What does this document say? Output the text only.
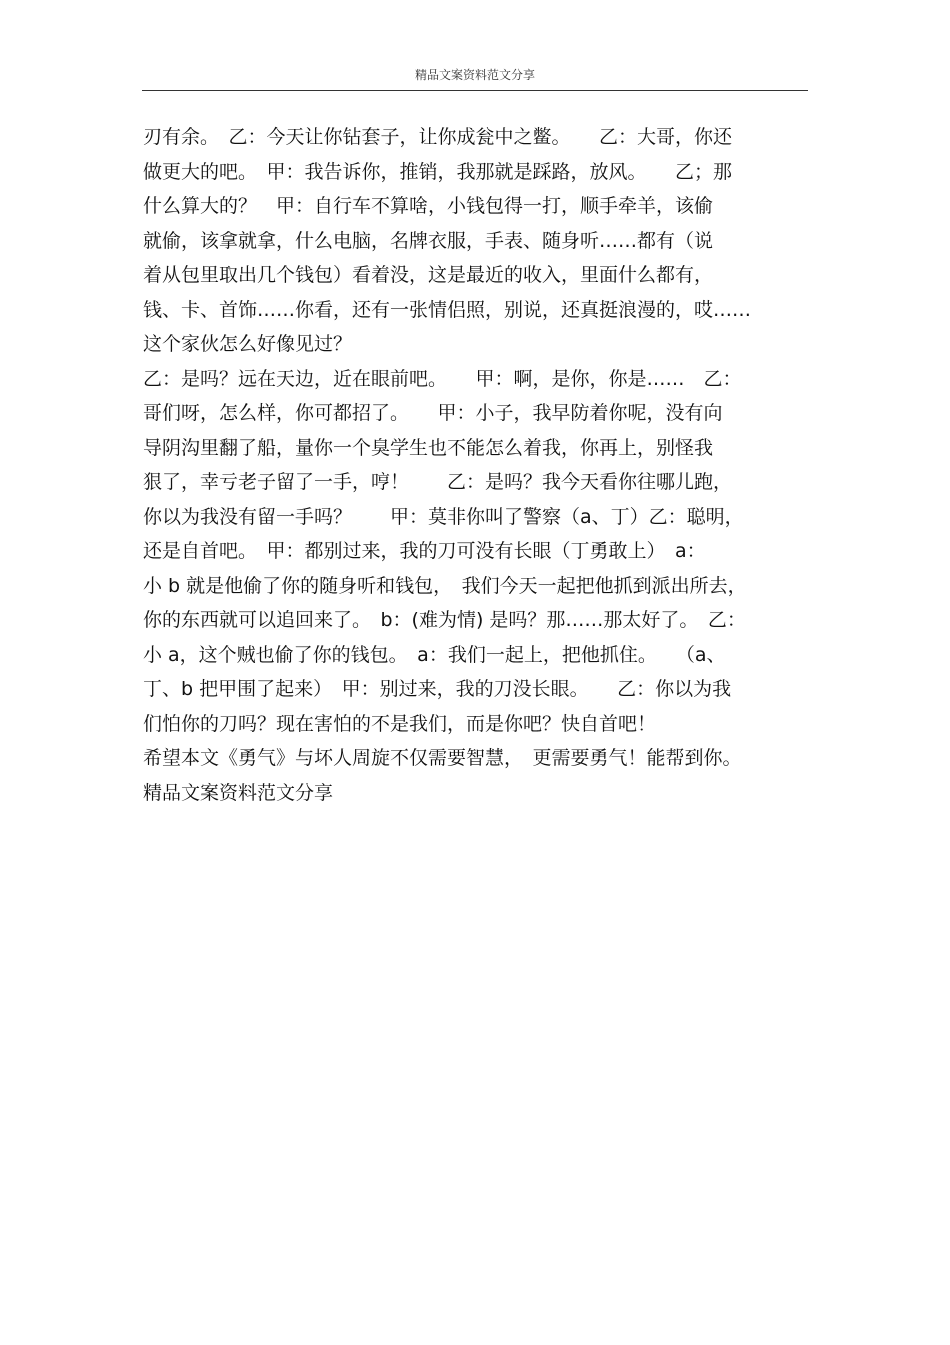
精品文案资料范文分享
刃有余。　乙：今天让你钻套子，让你成瓮中之鳖。　　乙：大哥，你还
做更大的吧。　甲：我告诉你，推销，我那就是踩路，放风。　　乙；那
什么算大的？　甲：自行车不算啥，小钱包得一打，顺手牵羊，该偷
就偷，该拿就拿，什么电脑，名牌衣服，手表、随身听……都有（说
着从包里取出几个钱包）看着没，这是最近的收入，里面什么都有，
钱、卡、首饰……你看，还有一张情侣照，别说，还真挺浪漫的，哎……
这个家伙怎么好像见过？
乙：是吗？远在天边，近在眼前吧。　　甲：啊，是你，你是……　乙：
哥们呀，怎么样，你可都招了。　　甲：小子，我早防着你呢，没有向
导阴沟里翻了船，量你一个臭学生也不能怎么着我，你再上，别怪我
狠了，幸亏老子留了一手，哼！　　乙：是吗？我今天看你往哪儿跑，
你以为我没有留一手吗？　　甲：莫非你叫了警察（a、丁）乙：聪明，
还是自首吧。　甲：都别过来，我的刀可没有长眼（丁勇敢上）　a：
小 b 就是他偷了你的随身听和钱包，　我们今天一起把他抓到派出所去，
你的东西就可以追回来了。　b：(难为情) 是吗？那……那太好了。　乙：
小 a，这个贼也偷了你的钱包。　a：我们一起上，把他抓住。　　（a、
丁、b 把甲围了起来）　甲：别过来，我的刀没长眼。　　乙：你以为我
们怕你的刀吗？现在害怕的不是我们，而是你吧？快自首吧！
希望本文《勇气》与坏人周旋不仅需要智慧，　更需要勇气！能帮到你。
精品文案资料范文分享
